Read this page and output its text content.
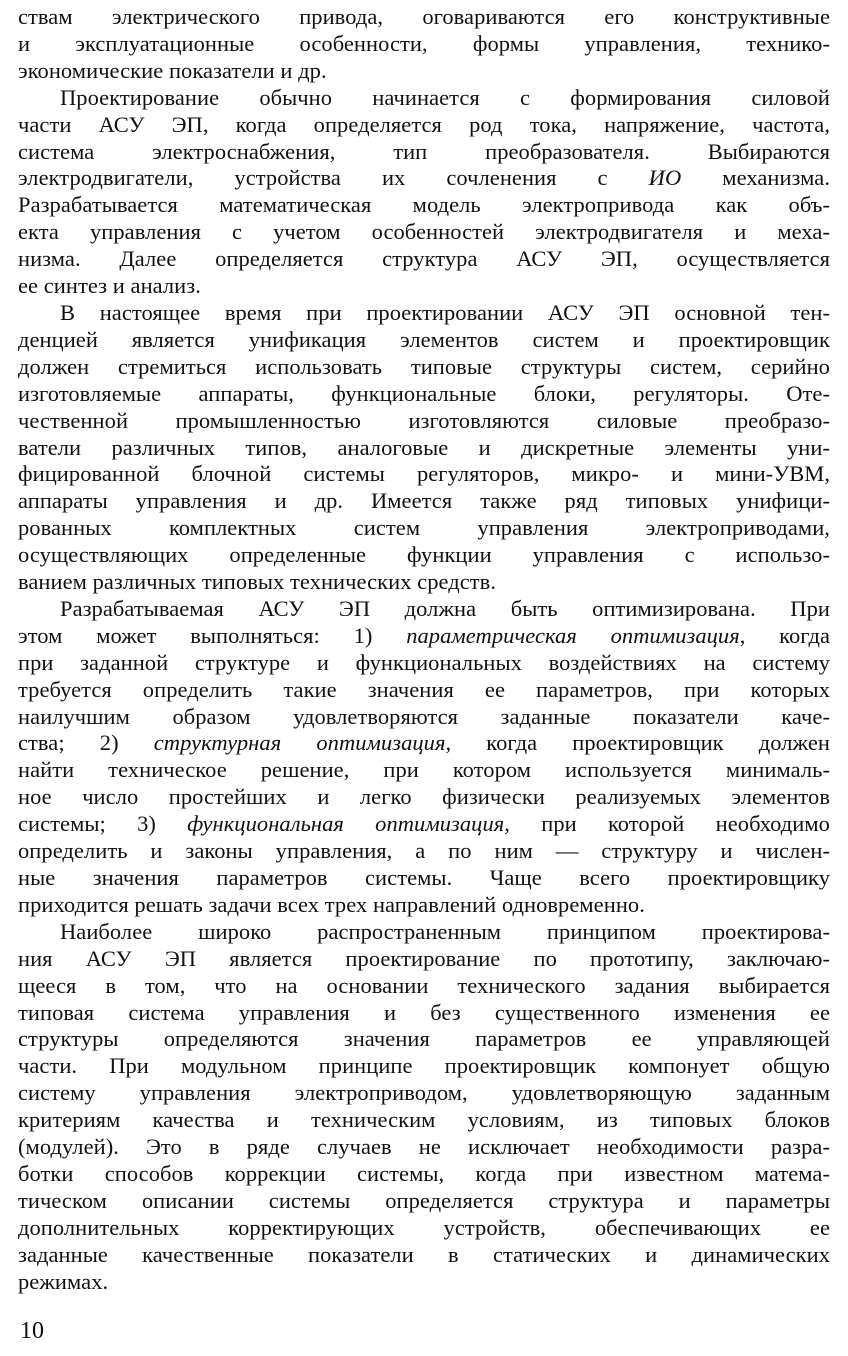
ствам электрического привода, оговариваются его конструктивные
и эксплуатационные особенности, формы управления, технико-
экономические показатели и др.
Проектирование обычно начинается с формирования силовой
части АСУ ЭП, когда определяется род тока, напряжение, частота,
система электроснабжения, тип преобразователя. Выбираются
электродвигатели, устройства их сочленения с ИО механизма.
Разрабатывается математическая модель электропривода как объ-
екта управления с учетом особенностей электродвигателя и меха-
низма. Далее определяется структура АСУ ЭП, осуществляется
ее синтез и анализ.
В настоящее время при проектировании АСУ ЭП основной тен-
денцией является унификация элементов систем и проектировщик
должен стремиться использовать типовые структуры систем, серийно
изготовляемые аппараты, функциональные блоки, регуляторы. Оте-
чественной промышленностью изготовляются силовые преобразо-
ватели различных типов, аналоговые и дискретные элементы уни-
фицированной блочной системы регуляторов, микро- и мини-УВМ,
аппараты управления и др. Имеется также ряд типовых унифици-
рованных комплектных систем управления электроприводами,
осуществляющих определенные функции управления с использо-
ванием различных типовых технических средств.
Разрабатываемая АСУ ЭП должна быть оптимизирована. При
этом может выполняться: 1) параметрическая оптимизация, когда
при заданной структуре и функциональных воздействиях на систему
требуется определить такие значения ее параметров, при которых
наилучшим образом удовлетворяются заданные показатели каче-
ства; 2) структурная оптимизация, когда проектировщик должен
найти техническое решение, при котором используется минималь-
ное число простейших и легко физически реализуемых элементов
системы; 3) функциональная оптимизация, при которой необходимо
определить и законы управления, а по ним — структуру и числен-
ные значения параметров системы. Чаще всего проектировщику
приходится решать задачи всех трех направлений одновременно.
Наиболее широко распространенным принципом проектирова-
ния АСУ ЭП является проектирование по прототипу, заключаю-
щееся в том, что на основании технического задания выбирается
типовая система управления и без существенного изменения ее
структуры определяются значения параметров ее управляющей
части. При модульном принципе проектировщик компонует общую
систему управления электроприводом, удовлетворяющую заданным
критериям качества и техническим условиям, из типовых блоков
(модулей). Это в ряде случаев не исключает необходимости разра-
ботки способов коррекции системы, когда при известном матема-
тическом описании системы определяется структура и параметры
дополнительных корректирующих устройств, обеспечивающих ее
заданные качественные показатели в статических и динамических
режимах.
10
